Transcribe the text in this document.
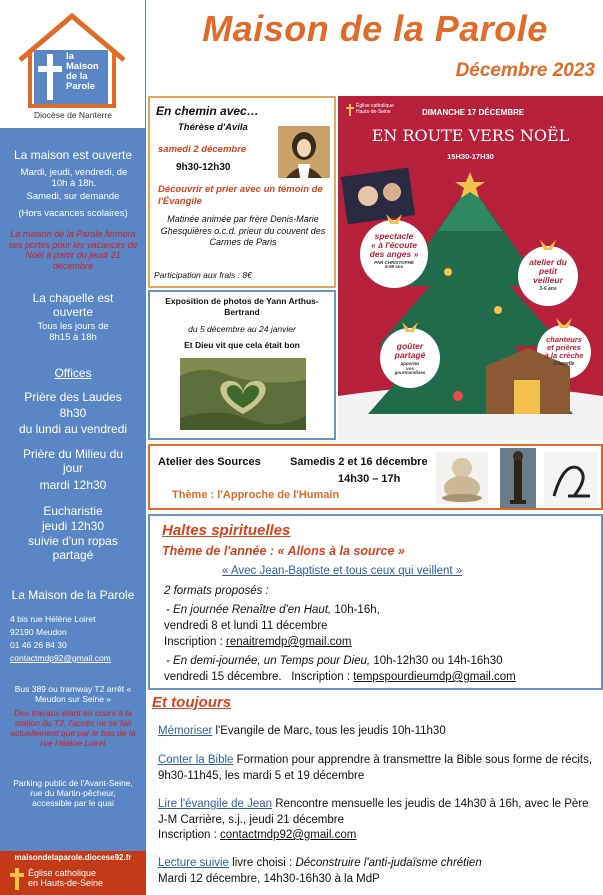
la
Maison
de la
Parole
Diocèse de Nanterre
La maison est ouverte
Mardi, jeudi, vendredi, de 10h à 18h.
Samedi, sur demande
(Hors vacances scolaires)
La maison de la Parole fermera ses portes pour les vacances de Noël à partir du jeudi 21 décembre
La chapelle est ouverte
Tous les jours de 8h15 à 18h
Offices
Prière des Laudes
8h30
du lundi au vendredi
Prière du Milieu du jour
mardi 12h30
Eucharistie
jeudi 12h30
suivie d'un ropas partagé
La Maison de la Parole
4 bis rue Hélène Loiret
92190 Meudon
01 46 26 84 30
contactmdp92@gmail.com
Bus 389 ou tramway T2 arrêt « Meudon sur Seine »
Des travaux étant en cours à la station du T2, l'accès ne se fait actuellement que par le bas de la rue Hélène Loiret
Parking public de l'Avant-Seine, rue du Martin-pêcheur, accessible par le quai
maisondelaparole.diocese92.fr
Église catholique
en Hauts-de-Seine
Maison de la Parole
Décembre 2023
En chemin avec…
Thérèse d'Avila
samedi 2 décembre
9h30-12h30
Découvrir et prier avec un témoin de l'Évangile
Matinée animée par frère Denis-Marie Ghesquières o.c.d. prieur du couvent des Carmes de Paris
Participation aux frais : 8€
Exposition de photos de Yann Arthus-Bertrand
du 5 décembre au 24 janvier
Et Dieu vit que cela était bon
Église catholique
Hauts-de-Seine	DIMANCHE 17 DÉCEMBRE
EN ROUTE VERS NOËL
15H30-17H30
spectacle
« à l'écoute
des anges »
PAR CHRISTOPHE
6-99 ans	atelier du
petit
veilleur
3-6 ans
goûter
partagé
apportez
vos
gourmandises
chanteurs
et prières
à la crèche
Chapelle
Atelier des Sources	Samedis 2 et 16 décembre
14h30 – 17h
Thème : l'Approche de l'Humain
Haltes spirituelles
Thème de l'année : « Allons à la source »
« Avec Jean-Baptiste et tous ceux qui veillent »
2 formats proposés :
- En journée Renaître d'en Haut, 10h-16h,
vendredi 8 et lundi 11 décembre
Inscription : renaitremdp@gmail.com
- En demi-journée, un Temps pour Dieu, 10h-12h30 ou 14h-16h30
vendredi 15 décembre.   Inscription : tempspourdieumdp@gmail.com
Et toujours
Mémoriser l'Evangile de Marc, tous les jeudis 10h-11h30
Conter la Bible Formation pour apprendre à transmettre la Bible sous forme de récits, 9h30-11h45, les mardi 5 et 19 décembre
Lire l'évangile de Jean Rencontre mensuelle les jeudis de 14h30 à 16h, avec le Père J-M Carrière, s.j., jeudi 21 décembre
Inscription : contactmdp92@gmail.com
Lecture suivie livre choisi : Déconstruire l'anti-judaïsme chrétien
Mardi 12 décembre, 14h30-16h30 à la MdP
